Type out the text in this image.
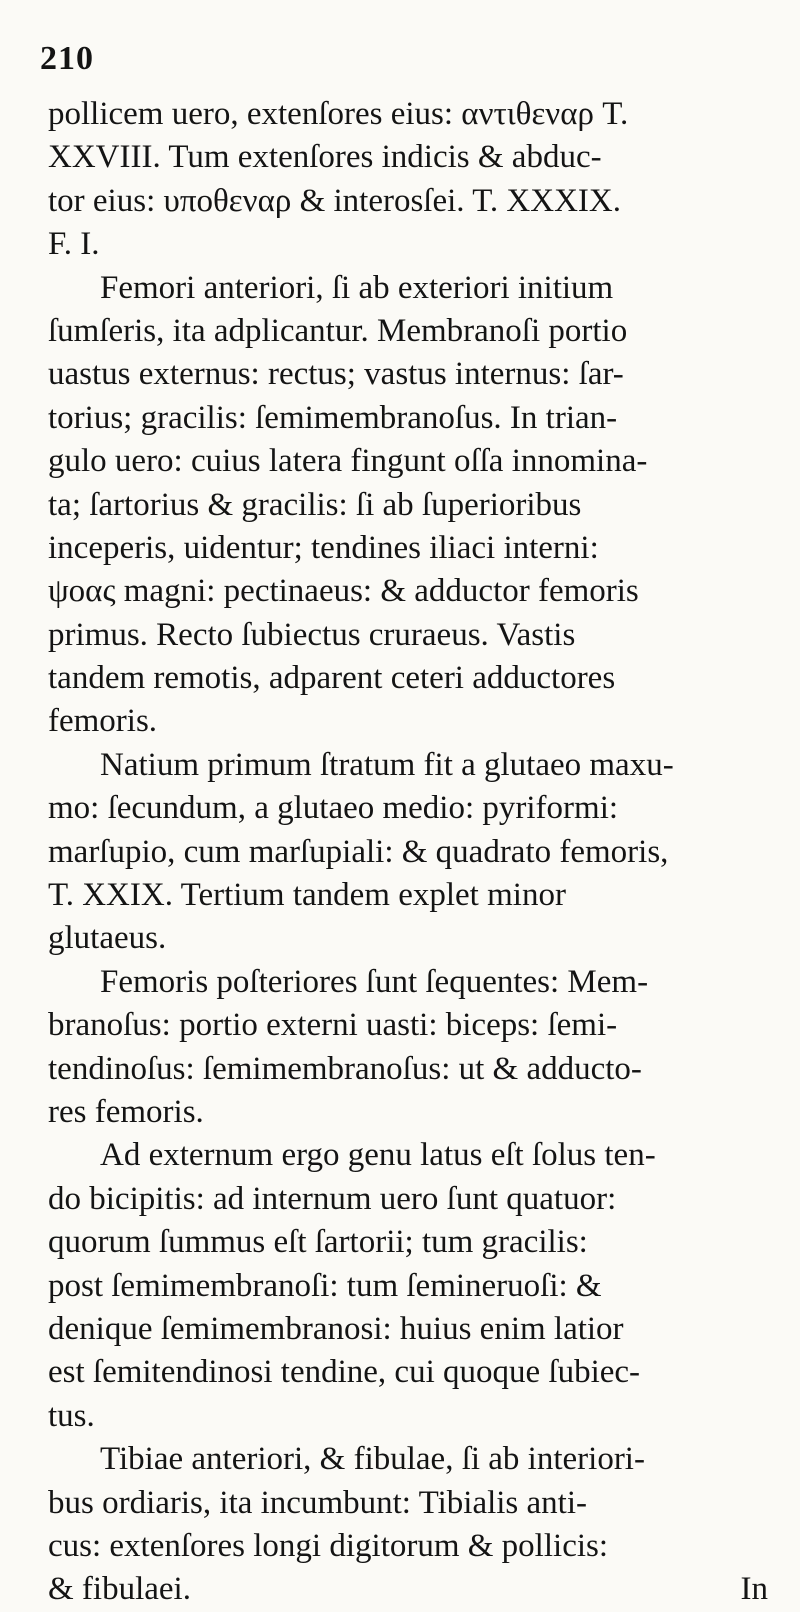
210
pollicem uero, extenſores eius: αντιθεναρ T.
XXVIII. Tum extenſores indicis & abduc-
tor eius: υποθεναρ & interosſei. T. XXXIX.
F. I.
Femori anteriori, ſi ab exteriori initium
ſumſeris, ita adplicantur. Membranoſi portio
uastus externus: rectus; vastus internus: ſar-
torius; gracilis: ſemimembranoſus. In trian-
gulo uero: cuius latera fingunt oſſa innomina-
ta; ſartorius & gracilis: ſi ab ſuperioribus
inceperis, uidentur; tendines iliaci interni:
ψοας magni: pectinaeus: & adductor femoris
primus. Recto ſubiectus cruraeus. Vastis
tandem remotis, adparent ceteri adductores
femoris.
Natium primum ſtratum fit a glutaeo maxu-
mo: ſecundum, a glutaeo medio: pyriformi:
marſupio, cum marſupiali: & quadrato femoris,
T. XXIX. Tertium tandem explet minor
glutaeus.
Femoris poſteriores ſunt ſequentes: Mem-
branoſus: portio externi uasti: biceps: ſemi-
tendinoſus: ſemimembranoſus: ut & adducto-
res femoris.
Ad externum ergo genu latus eſt ſolus ten-
do bicipitis: ad internum uero ſunt quatuor:
quorum ſummus eſt ſartorii; tum gracilis:
post ſemimembranoſi: tum ſemineruoſi: &
denique ſemimembranosi: huius enim latior
est ſemitendinosi tendine, cui quoque ſubiec-
tus.
Tibiae anteriori, & fibulae, ſi ab interiori-
bus ordiaris, ita incumbunt: Tibialis anti-
cus: extenſores longi digitorum & pollicis:
& fibulaei.	In
